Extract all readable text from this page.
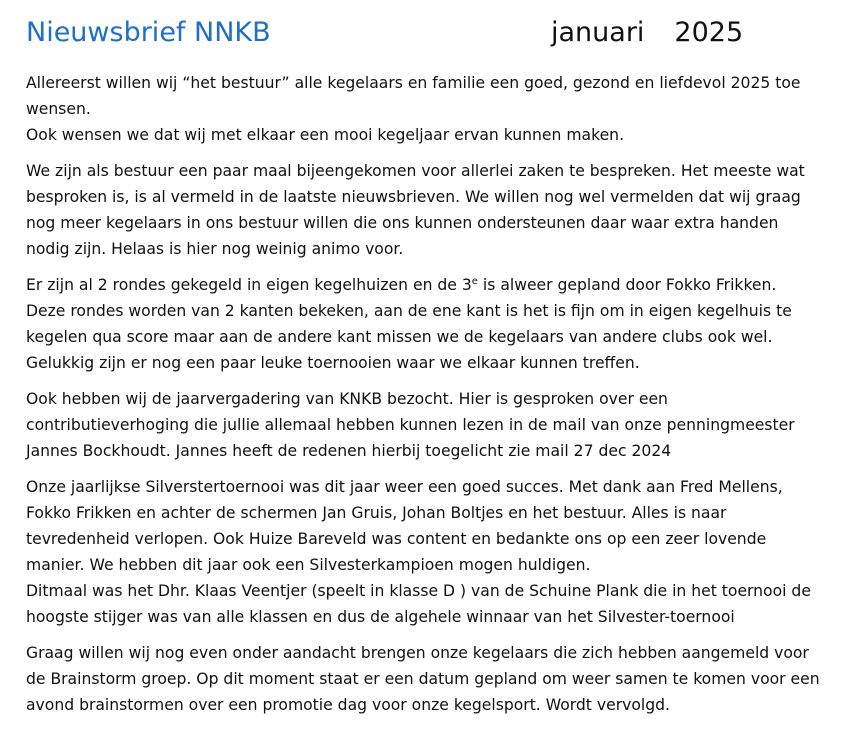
Nieuwsbrief NNKB	januari 2025

Allereerst willen wij “het bestuur” alle kegelaars en familie een goed, gezond en liefdevol 2025 toe
wensen.
Ook wensen we dat wij met elkaar een mooi kegeljaar ervan kunnen maken.

We zijn als bestuur een paar maal bijeengekomen voor allerlei zaken te bespreken. Het meeste wat
besproken is, is al vermeld in de laatste nieuwsbrieven. We willen nog wel vermelden dat wij graag
nog meer kegelaars in ons bestuur willen die ons kunnen ondersteunen daar waar extra handen
nodig zijn. Helaas is hier nog weinig animo voor.

Er zijn al 2 rondes gekegeld in eigen kegelhuizen en de 3e is alweer gepland door Fokko Frikken.
Deze rondes worden van 2 kanten bekeken, aan de ene kant is het is fijn om in eigen kegelhuis te
kegelen qua score maar aan de andere kant missen we de kegelaars van andere clubs ook wel.
Gelukkig zijn er nog een paar leuke toernooien waar we elkaar kunnen treffen.

Ook hebben wij de jaarvergadering van KNKB bezocht. Hier is gesproken over een
contributieverhoging die jullie allemaal hebben kunnen lezen in de mail van onze penningmeester
Jannes Bockhoudt. Jannes heeft de redenen hierbij toegelicht zie mail 27 dec 2024

Onze jaarlijkse Silverstertoernooi was dit jaar weer een goed succes. Met dank aan Fred Mellens,
Fokko Frikken en achter de schermen Jan Gruis, Johan Boltjes en het bestuur. Alles is naar
tevredenheid verlopen. Ook Huize Bareveld was content en bedankte ons op een zeer lovende
manier. We hebben dit jaar ook een Silvesterkampioen mogen huldigen.
Ditmaal was het Dhr. Klaas Veentjer (speelt in klasse D ) van de Schuine Plank die in het toernooi de
hoogste stijger was van alle klassen en dus de algehele winnaar van het Silvester-toernooi

Graag willen wij nog even onder aandacht brengen onze kegelaars die zich hebben aangemeld voor
de Brainstorm groep. Op dit moment staat er een datum gepland om weer samen te komen voor een
avond brainstormen over een promotie dag voor onze kegelsport. Wordt vervolgd.
